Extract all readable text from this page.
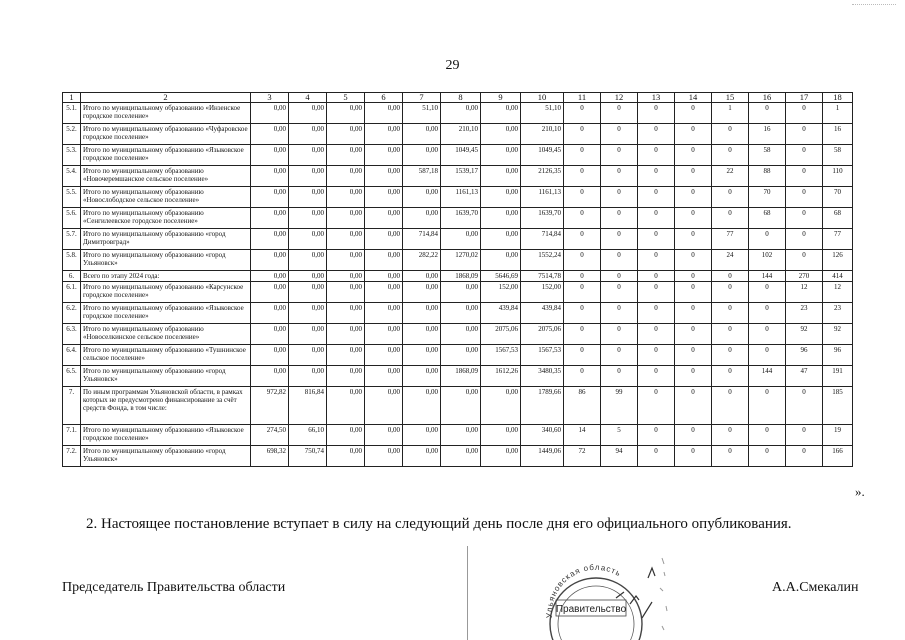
29
1	2	3	4	5	6	7	8	9	10	11	12	13	14	15	16	17	18
5.1.	Итого по муниципальному образованию «Инзенское городское поселение»	0,00	0,00	0,00	0,00	51,10	0,00	0,00	51,10	0	0	0	0	1	0	0	1
5.2.	Итого по муниципальному образованию «Чуфаровское городское поселение»	0,00	0,00	0,00	0,00	0,00	210,10	0,00	210,10	0	0	0	0	0	16	0	16
5.3.	Итого по муниципальному образованию «Языковское городское поселение»	0,00	0,00	0,00	0,00	0,00	1049,45	0,00	1049,45	0	0	0	0	0	58	0	58
5.4.	Итого по муниципальному образованию «Новочеремшанское сельское поселение»	0,00	0,00	0,00	0,00	587,18	1539,17	0,00	2126,35	0	0	0	0	22	88	0	110
5.5.	Итого по муниципальному образованию «Новослободское сельское поселение»	0,00	0,00	0,00	0,00	0,00	1161,13	0,00	1161,13	0	0	0	0	0	70	0	70
5.6.	Итого по муниципальному образованию «Сенгилеевское городское поселение»	0,00	0,00	0,00	0,00	0,00	1639,70	0,00	1639,70	0	0	0	0	0	68	0	68
5.7.	Итого по муниципальному образованию «город Димитровград»	0,00	0,00	0,00	0,00	714,84	0,00	0,00	714,84	0	0	0	0	77	0	0	77
5.8.	Итого по муниципальному образованию «город Ульяновск»	0,00	0,00	0,00	0,00	282,22	1270,02	0,00	1552,24	0	0	0	0	24	102	0	126
6.	Всего по этапу 2024 года:	0,00	0,00	0,00	0,00	0,00	1868,09	5646,69	7514,78	0	0	0	0	0	144	270	414
6.1.	Итого по муниципальному образованию «Карсунское городское поселение»	0,00	0,00	0,00	0,00	0,00	0,00	152,00	152,00	0	0	0	0	0	0	12	12
6.2.	Итого по муниципальному образованию «Языковское городское поселение»	0,00	0,00	0,00	0,00	0,00	0,00	439,84	439,84	0	0	0	0	0	0	23	23
6.3.	Итого по муниципальному образованию «Новоселкинское сельское поселение»	0,00	0,00	0,00	0,00	0,00	0,00	2075,06	2075,06	0	0	0	0	0	0	92	92
6.4.	Итого по муниципальному образованию «Тушнинское сельское поселение»	0,00	0,00	0,00	0,00	0,00	0,00	1567,53	1567,53	0	0	0	0	0	0	96	96
6.5.	Итого по муниципальному образованию «город Ульяновск»	0,00	0,00	0,00	0,00	0,00	1868,09	1612,26	3480,35	0	0	0	0	0	144	47	191
7.	По иным программам Ульяновской области, в рамках которых не предусмотрено финансирование за счёт средств Фонда, в том числе:	972,82	816,84	0,00	0,00	0,00	0,00	0,00	1789,66	86	99	0	0	0	0	0	185
7.1.	Итого по муниципальному образованию «Языковское городское поселение»	274,50	66,10	0,00	0,00	0,00	0,00	0,00	340,60	14	5	0	0	0	0	0	19
7.2.	Итого по муниципальному образованию «город Ульяновск»	698,32	750,74	0,00	0,00	0,00	0,00	0,00	1449,06	72	94	0	0	0	0	0	166
».
2. Настоящее постановление вступает в силу на следующий день после дня его официального опубликования.
Правительство
Ульяновская область
Председатель Правительства области	А.А.Смекалин
